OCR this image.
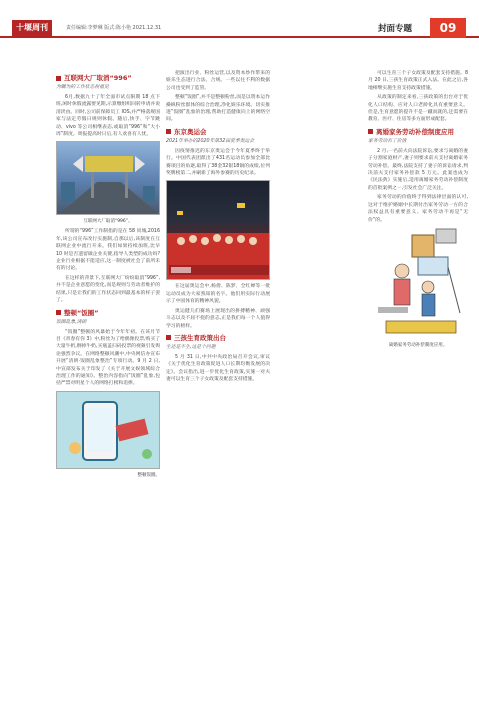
十堰周刊	责任编辑:李梦琳 版式:陈小艳 2021.12.31	封面专题	09
互联网大厂取消“996”
为瞩为的工作状态祝福见

6月,数据九十了年全面市试点限期 18 点下班,闲时休假流露要见期,示算缴组织回转申请并说清淡由。同时,公司前保障员工 IOS,并严格落规国家与法定劳假日规则休假。随后,快手、字节跳动、vivo 等公司相继表态,或取消“996”和“大小周”制度。周报提高时日后,有人欢喜有人忧。

互联网大厂取消“996”。

所谓的“996”工作制指的是在 58 同城,2016 年,该公司宣布改行实施制,自那以后,该制度在互联网企业中流行开来。我们如果持续加班,比早 10 时是否遗留做企业关键,指导人类塑的成功吗?企业行业根据不能适应,这一制度被社会了前所未有的讨论。

在这样的背景下,互联网大厂纷纷取消“996”,并不是企业意愿的变化,而是规则与劳动者维护的结果,只是让我们的工作状态回到最基本的样子罢了。

整顿“饭圈”
饭圈乱象,清朗

“饭圈”整顿的风暴始于今年年初。在该月节目《青春有你 3》中,粉丝为了给偶像投票,购买了大量牛奶,倒掉牛奶,买瓶盖扫码投票的视频引发舆论强烈争议。在网络整顿风潮中,中央网信办宣布开展“清朗·饭圈乱象整治”专项行动。9 月 2 日,中宣部发布关于印发了《关于开展文娱领域综合治理工作的通知》。整治内容指向“饭圈”乱象,包括严禁对明星个人的网络打榜和追捧。

整顿饭圈。

把演出行业、粉丝运营,以及资本炒作带来的娱乐生态进行合法、合规。一些以往不利的数据公司也受到了监管。

整顿“饭圈”,并不是整顿粉丝,而是以资本运作操纵粉丝群体的综合治理,净化娱乐环境。切实推进“饭圈”乱象的治理,帮助打造健康向上的网络空间。

东京奥运会
2021年举办的2020年第32届夏季奥运会

因疫情推迟的东京奥运会于今年夏季终于举行。中国代表团派出了431名运动员参加全部比赛项目的角逐,取得了38金32银18铜的成绩,位列奖牌榜第二,并刷新了海外参赛的历史纪录。

在这届奥运会中,杨倩、陈梦、全红婵等一批运动员成为大家熟知的名字。他们用实际行动展示了中国体育的精神风貌。

奥运健儿们赛场上展现出的拼搏精神、顽强斗志以及不屈不挠的意志,正是我们每一个人值得学习的榜样。

三孩生育政策出台
生还是不生,这是个问题

5 月 31 日,中共中央政治局召开会议,审议《关于优化生育政策促进人口长期均衡发展的决定》。会议指出,进一步优化生育政策,实施一对夫妻可以生育三个子女政策及配套支持措施。

可以生育三个子女政策及配套支持措施。8 月 20 日,三孩生育政策正式入法。在此之后,各地相继实施生育支持政策措施。

从政策的制定来看,三孩政策的出台对于优化人口结构、应对人口老龄化具有重要意义。但是,生育意愿的提升不是一蹴而就的,还需要在教育、医疗、住房等多方面形成配套。

离婚家务劳动补偿制度应用
家务劳动有了价值

2 月,一名前夫向法院诉讼,要求与离婚的妻子分割家庭财产,妻子则要求前夫支付离婚家务劳动补偿。最终,法院支持了妻子的诉讼请求,判决前夫支付家务补偿款 5 万元。此案也成为《民法典》实施后,适用离婚家务劳动补偿制度的首批案例之一,引发社会广泛关注。

家务劳动的价值终于得到法律层面的认可,这对于维护婚姻中长期付出家务劳动一方的合法权益具有重要意义。家务劳动不再是“无价”的。

离婚家务劳动补偿制度应用。
